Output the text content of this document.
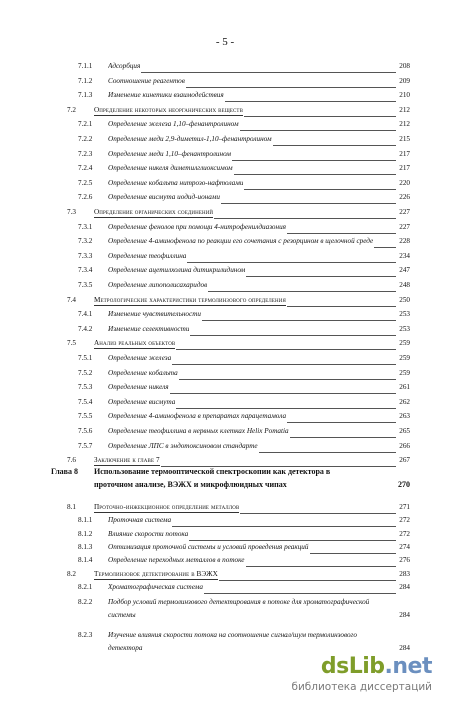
- 5 -
7.1.1 Адсорбция	208
7.1.2 Соотношение реагентов	209
7.1.3 Изменение кинетики взаимодействия	210
7.2	Определение некоторых неорганических веществ	212
7.2.1 Определение железа 1,10–фенантролином	212
7.2.2 Определение меди 2,9-диметил-1,10–фенантролином	215
7.2.3 Определение меди 1,10–фенантролином	217
7.2.4 Определение никеля диметилглиоксимом	217
7.2.5 Определение кобальта нитрозо-нафтолами	220
7.2.6 Определение висмута иодид-ионами	226
7.3	Определение органических соединений	227
7.3.1 Определение фенолов при помощи 4-нитрофенилдиазония	227
7.3.2 Определение 4-аминофенола по реакции его сочетания с резорцином в щелочной среде	228
7.3.3 Определение теофиллина	234
7.3.4 Определение ацетилхолина дитикрилидином	247
7.3.5 Определение липополисахаридов	248
7.4	Метрологические характеристики термолинзового определения	250
7.4.1 Изменение чувствительности	253
7.4.2 Изменение селективности	253
7.5	Анализ реальных объектов	259
7.5.1 Определение железа	259
7.5.2 Определение кобальта	259
7.5.3 Определение никеля	261
7.5.4 Определение висмута	262
7.5.5 Определение 4-аминофенола в препаратах парацетамола	263
7.5.6 Определение теофиллина в нервных клетках Helix Pomatia	265
7.5.7 Определение ЛПС в эндотоксиновом стандарте	266
7.6	Заключение к главе 7	267
Глава 8 Использование термооптической спектроскопии как детектора в
проточном анализе, ВЭЖХ и микрофлюидных чипах	270
8.1	Проточно-инжекционное определение металлов	271
8.1.1 Проточная система	272
8.1.2 Влияние скорости потока	272
8.1.3 Оптимизация проточной системы и условий проведения реакций	274
8.1.4 Определение переходных металлов в потоке	276
8.2	Термолинзовое детектирование в ВЭЖХ	283
8.2.1 Хроматографическая система	284
8.2.2 Подбор условий термолинзового детектирования в потоке для хроматографической
системы	284
8.2.3 Изучение влияния скорости потока на соотношение сигнал/шум термолинзового
детектора	284
dsLib.net
библиотека диссертаций
